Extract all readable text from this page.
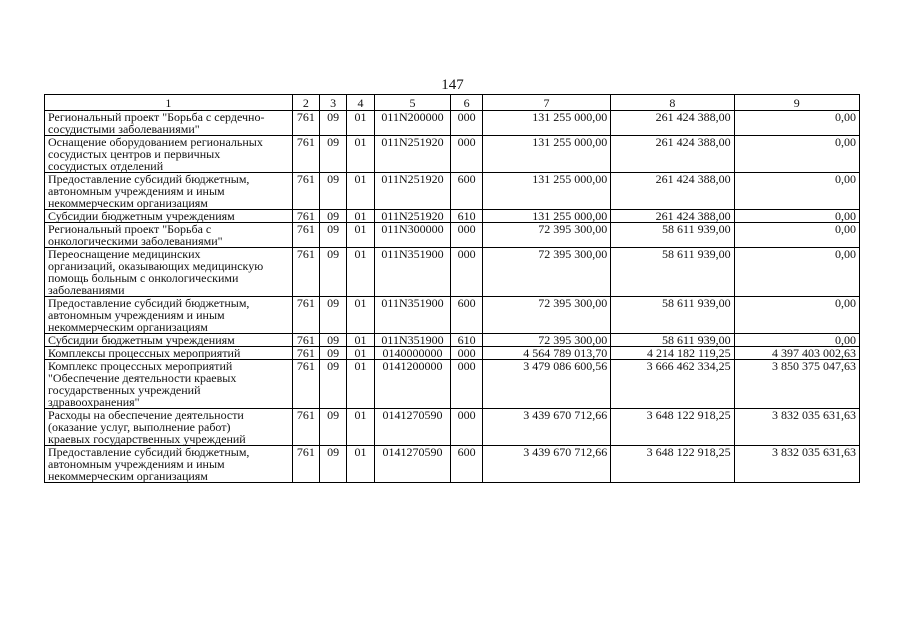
147
1	2	3	4	5	6	7	8	9

Региональный проект "Борьба с сердечно-
сосудистыми заболеваниями"	761	09	01	011N200000	000	131 255 000,00	261 424 388,00	0,00

Оснащение оборудованием региональных
сосудистых центров и первичных
сосудистых отделений	761	09	01	011N251920	000	131 255 000,00	261 424 388,00	0,00

Предоставление субсидий бюджетным,
автономным учреждениям и иным
некоммерческим организациям	761	09	01	011N251920	600	131 255 000,00	261 424 388,00	0,00

Субсидии бюджетным учреждениям	761	09	01	011N251920	610	131 255 000,00	261 424 388,00	0,00

Региональный проект "Борьба с
онкологическими заболеваниями"	761	09	01	011N300000	000	72 395 300,00	58 611 939,00	0,00

Переоснащение медицинских
организаций, оказывающих медицинскую
помощь больным с онкологическими
заболеваниями	761	09	01	011N351900	000	72 395 300,00	58 611 939,00	0,00

Предоставление субсидий бюджетным,
автономным учреждениям и иным
некоммерческим организациям	761	09	01	011N351900	600	72 395 300,00	58 611 939,00	0,00

Субсидии бюджетным учреждениям	761	09	01	011N351900	610	72 395 300,00	58 611 939,00	0,00

Комплексы процессных мероприятий	761	09	01	0140000000	000	4 564 789 013,70	4 214 182 119,25	4 397 403 002,63

Комплекс процессных мероприятий
"Обеспечение деятельности краевых
государственных учреждений
здравоохранения"	761	09	01	0141200000	000	3 479 086 600,56	3 666 462 334,25	3 850 375 047,63

Расходы на обеспечение деятельности
(оказание услуг, выполнение работ)
краевых государственных учреждений	761	09	01	0141270590	000	3 439 670 712,66	3 648 122 918,25	3 832 035 631,63

Предоставление субсидий бюджетным,
автономным учреждениям и иным
некоммерческим организациям	761	09	01	0141270590	600	3 439 670 712,66	3 648 122 918,25	3 832 035 631,63
